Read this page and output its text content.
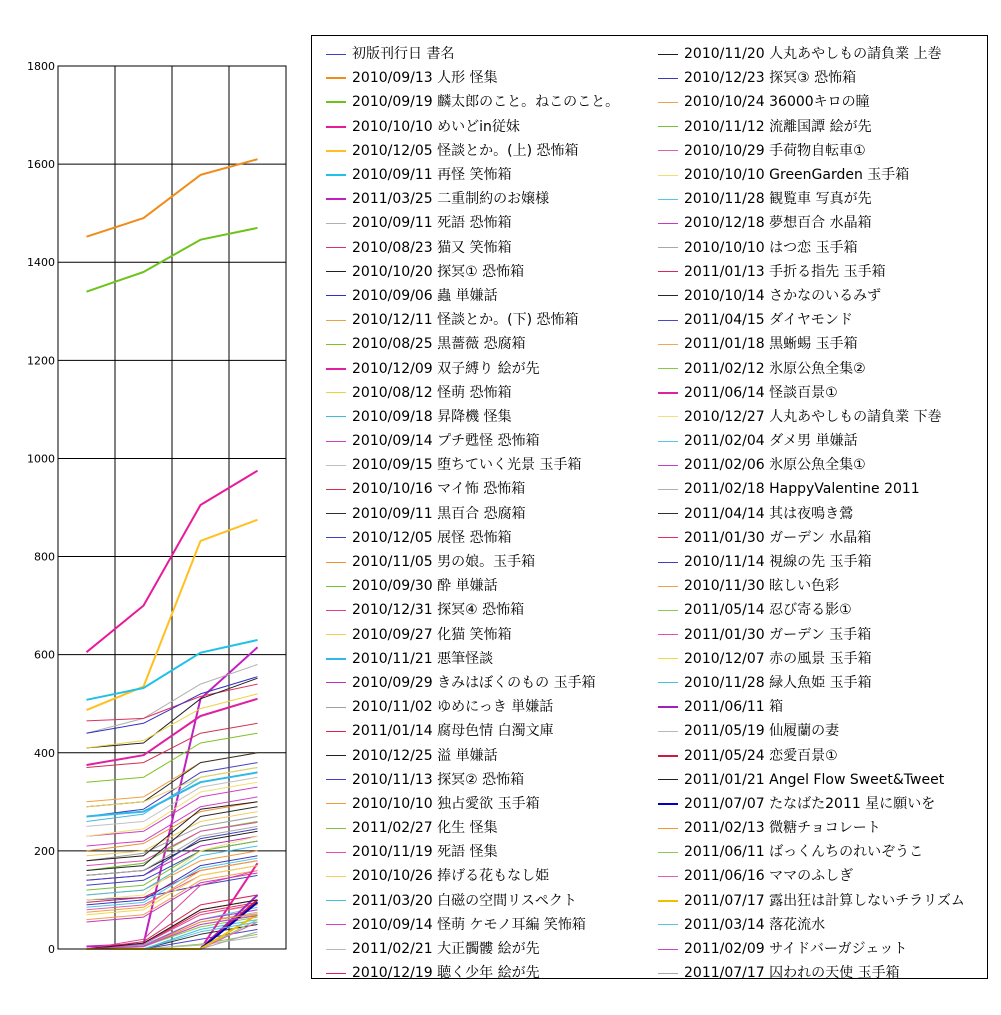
0
200
400
600
800
1000
1200
1400
1600
1800
初版刊行日 書名
2010/09/13 人形 怪集
2010/09/19 麟太郎のこと。ねこのこと。
2010/10/10 めいどin従妹
2010/12/05 怪談とか。(上) 恐怖箱
2010/09/11 再怪 笑怖箱
2011/03/25 二重制約のお嬢様
2010/09/11 死語 恐怖箱
2010/08/23 猫又 笑怖箱
2010/10/20 探冥① 恐怖箱
2010/09/06 蟲 単嫌話
2010/12/11 怪談とか。(下) 恐怖箱
2010/08/25 黒薔薇 恐腐箱
2010/12/09 双子縛り 絵が先
2010/08/12 怪萌 恐怖箱
2010/09/18 昇降機 怪集
2010/09/14 プチ甦怪 恐怖箱
2010/09/15 堕ちていく光景 玉手箱
2010/10/16 マイ怖 恐怖箱
2010/09/11 黒百合 恐腐箱
2010/12/05 展怪 恐怖箱
2010/11/05 男の娘。玉手箱
2010/09/30 酔 単嫌話
2010/12/31 探冥④ 恐怖箱
2010/09/27 化猫 笑怖箱
2010/11/21 悪筆怪談
2010/09/29 きみはぼくのもの 玉手箱
2010/11/02 ゆめにっき 単嫌話
2011/01/14 腐母色情 白濁文庫
2010/12/25 溢 単嫌話
2010/11/13 探冥② 恐怖箱
2010/10/10 独占愛欲 玉手箱
2011/02/27 化生 怪集
2010/11/19 死語 怪集
2010/10/26 捧げる花もなし姫
2011/03/20 白磁の空間リスペクト
2010/09/14 怪萌 ケモノ耳編 笑怖箱
2011/02/21 大正髑髏 絵が先
2010/12/19 聴く少年 絵が先
2010/11/20 人丸あやしもの請負業 上巻
2010/12/23 探冥③ 恐怖箱
2010/10/24 36000キロの瞳
2010/11/12 流離国譚 絵が先
2010/10/29 手荷物自転車①
2010/10/10 GreenGarden 玉手箱
2010/11/28 観覧車 写真が先
2010/12/18 夢想百合 水晶箱
2010/10/10 はつ恋 玉手箱
2011/01/13 手折る指先 玉手箱
2010/10/14 さかなのいるみず
2011/04/15 ダイヤモンド
2011/01/18 黒蜥蜴 玉手箱
2011/02/12 氷原公魚全集②
2011/06/14 怪談百景①
2010/12/27 人丸あやしもの請負業 下巻
2011/02/04 ダメ男 単嫌話
2011/02/06 氷原公魚全集①
2011/02/18 HappyValentine 2011
2011/04/14 其は夜鳴き鶯
2011/01/30 ガーデン 水晶箱
2010/11/14 視線の先 玉手箱
2010/11/30 眩しい色彩
2011/05/14 忍び寄る影①
2011/01/30 ガーデン 玉手箱
2010/12/07 赤の風景 玉手箱
2010/11/28 緑人魚姫 玉手箱
2011/06/11 箱
2011/05/19 仙履蘭の妻
2011/05/24 恋愛百景①
2011/01/21 Angel Flow Sweet&Tweet
2011/07/07 たなばた2011 星に願いを
2011/02/13 微糖チョコレート
2011/06/11 ばっくんちのれいぞうこ
2011/06/16 ママのふしぎ
2011/07/17 露出狂は計算しないチラリズム
2011/03/14 落花流水
2011/02/09 サイドバーガジェット
2011/07/17 囚われの天使 玉手箱
